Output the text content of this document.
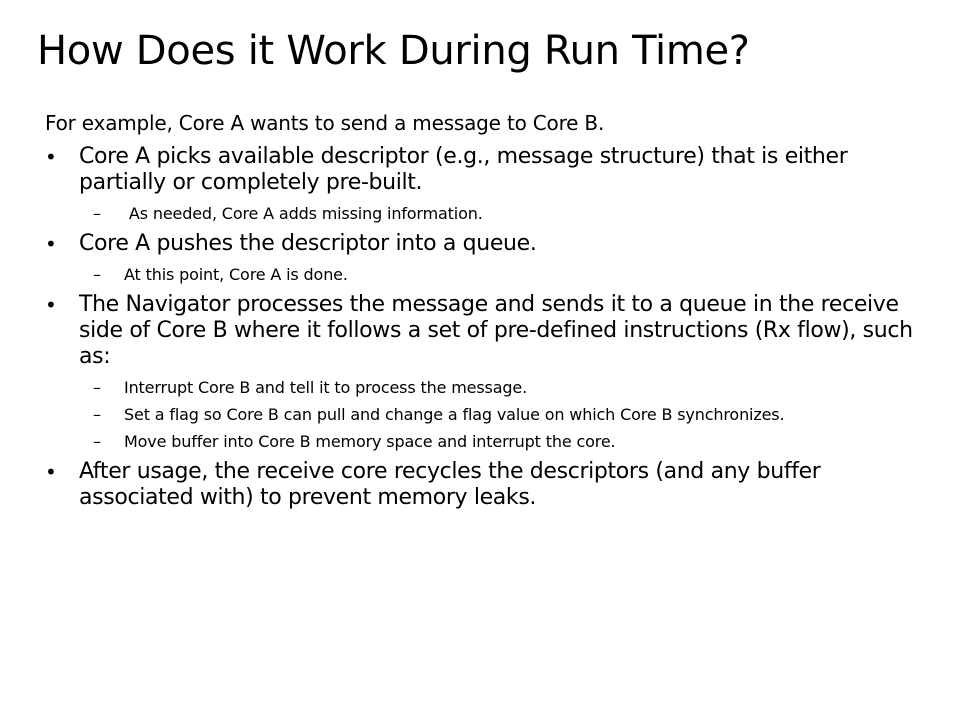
How Does it Work During Run Time?
For example, Core A wants to send a message to Core B.
• Core A picks available descriptor (e.g., message structure) that is either partially or completely pre-built.
– As needed, Core A adds missing information.
• Core A pushes the descriptor into a queue.
– At this point, Core A is done.
• The Navigator processes the message and sends it to a queue in the receive side of Core B where it follows a set of pre-defined instructions (Rx flow), such as:
– Interrupt Core B and tell it to process the message.
– Set a flag so Core B can pull and change a flag value on which Core B synchronizes.
– Move buffer into Core B memory space and interrupt the core.
• After usage, the receive core recycles the descriptors (and any buffer associated with) to prevent memory leaks.
